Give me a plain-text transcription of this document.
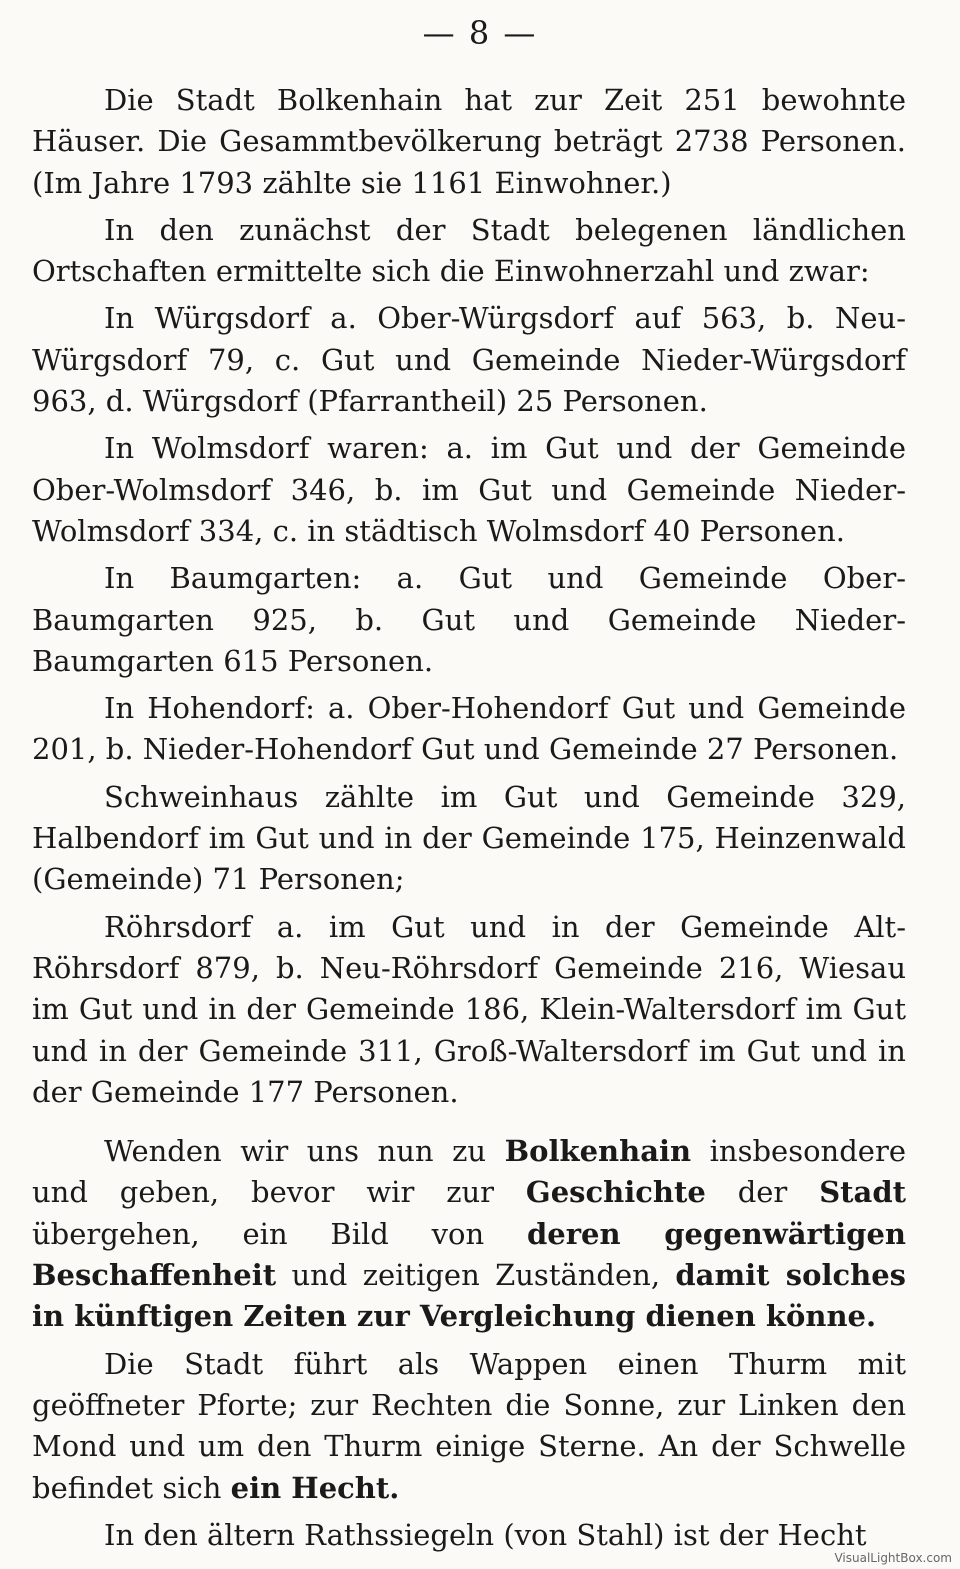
— 8 —

Die Stadt Bolkenhain hat zur Zeit 251 bewohnte Häuser. Die Gesammtbevölkerung beträgt 2738 Personen. (Im Jahre 1793 zählte sie 1161 Einwohner.)

In den zunächst der Stadt belegenen ländlichen Ortschaften ermittelte sich die Einwohnerzahl und zwar:

In Würgsdorf a. Ober-Würgsdorf auf 563, b. Neu-Würgsdorf 79, c. Gut und Gemeinde Nieder-Würgsdorf 963, d. Würgsdorf (Pfarrantheil) 25 Personen.

In Wolmsdorf waren: a. im Gut und der Gemeinde Ober-Wolmsdorf 346, b. im Gut und Gemeinde Nieder-Wolmsdorf 334, c. in städtisch Wolmsdorf 40 Personen.

In Baumgarten: a. Gut und Gemeinde Ober-Baumgarten 925, b. Gut und Gemeinde Nieder-Baumgarten 615 Personen.

In Hohendorf: a. Ober-Hohendorf Gut und Gemeinde 201, b. Nieder-Hohendorf Gut und Gemeinde 27 Personen.

Schweinhaus zählte im Gut und Gemeinde 329, Halbendorf im Gut und in der Gemeinde 175, Heinzenwald (Gemeinde) 71 Personen;

Röhrsdorf a. im Gut und in der Gemeinde Alt-Röhrsdorf 879, b. Neu-Röhrsdorf Gemeinde 216, Wiesau im Gut und in der Gemeinde 186, Klein-Waltersdorf im Gut und in der Gemeinde 311, Groß-Waltersdorf im Gut und in der Gemeinde 177 Personen.

Wenden wir uns nun zu Bolkenhain insbesondere und geben, bevor wir zur Geschichte der Stadt übergehen, ein Bild von deren gegenwärtigen Beschaffenheit und zeitigen Zuständen, damit solches in künftigen Zeiten zur Vergleichung dienen könne.

Die Stadt führt als Wappen einen Thurm mit geöffneter Pforte; zur Rechten die Sonne, zur Linken den Mond und um den Thurm einige Sterne. An der Schwelle befindet sich ein Hecht.

In den ältern Rathssiegeln (von Stahl) ist der Hecht

VisualLightBox.com
